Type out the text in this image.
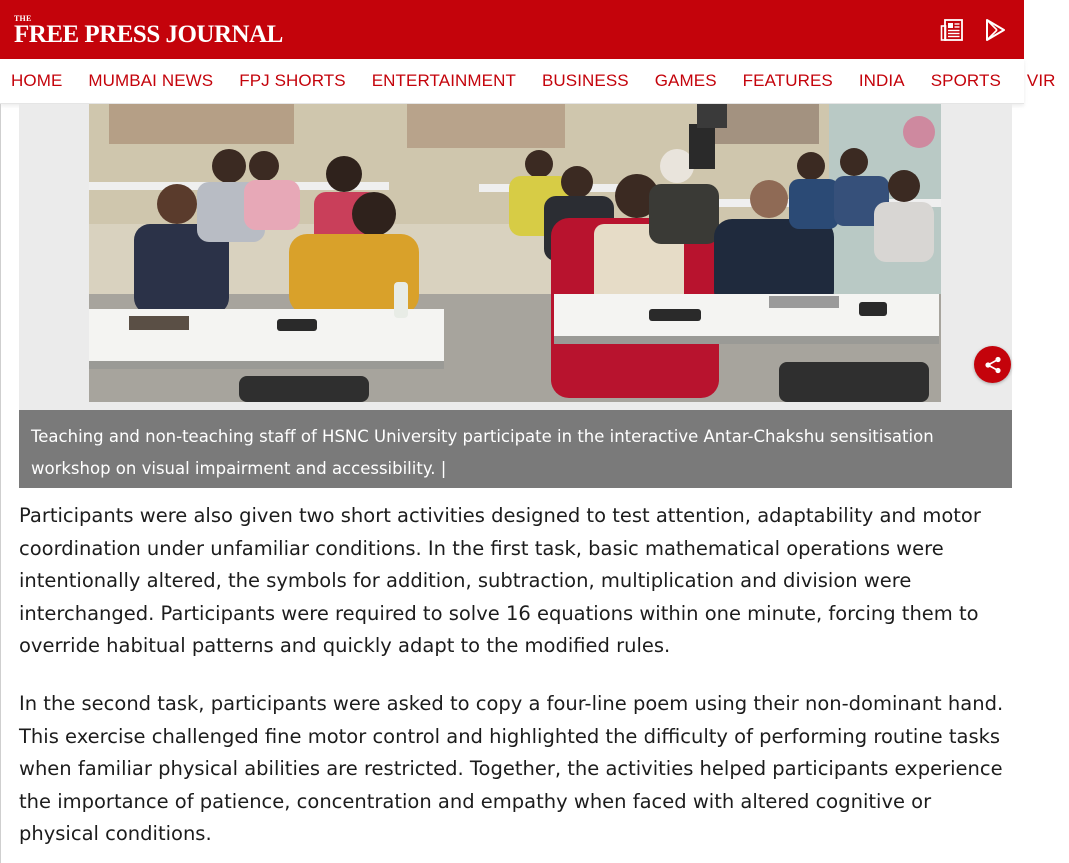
THE
FREE PRESS JOURNAL
HOME	MUMBAI NEWS	FPJ SHORTS	ENTERTAINMENT	BUSINESS	GAMES	FEATURES	INDIA	SPORTS	VIR
Teaching and non-teaching staff of HSNC University participate in the interactive Antar-Chakshu sensitisation workshop on visual impairment and accessibility. |

Participants were also given two short activities designed to test attention, adaptability and motor coordination under unfamiliar conditions. In the first task, basic mathematical operations were intentionally altered, the symbols for addition, subtraction, multiplication and division were interchanged. Participants were required to solve 16 equations within one minute, forcing them to override habitual patterns and quickly adapt to the modified rules.

In the second task, participants were asked to copy a four-line poem using their non-dominant hand. This exercise challenged fine motor control and highlighted the difficulty of performing routine tasks when familiar physical abilities are restricted. Together, the activities helped participants experience the importance of patience, concentration and empathy when faced with altered cognitive or physical conditions.
